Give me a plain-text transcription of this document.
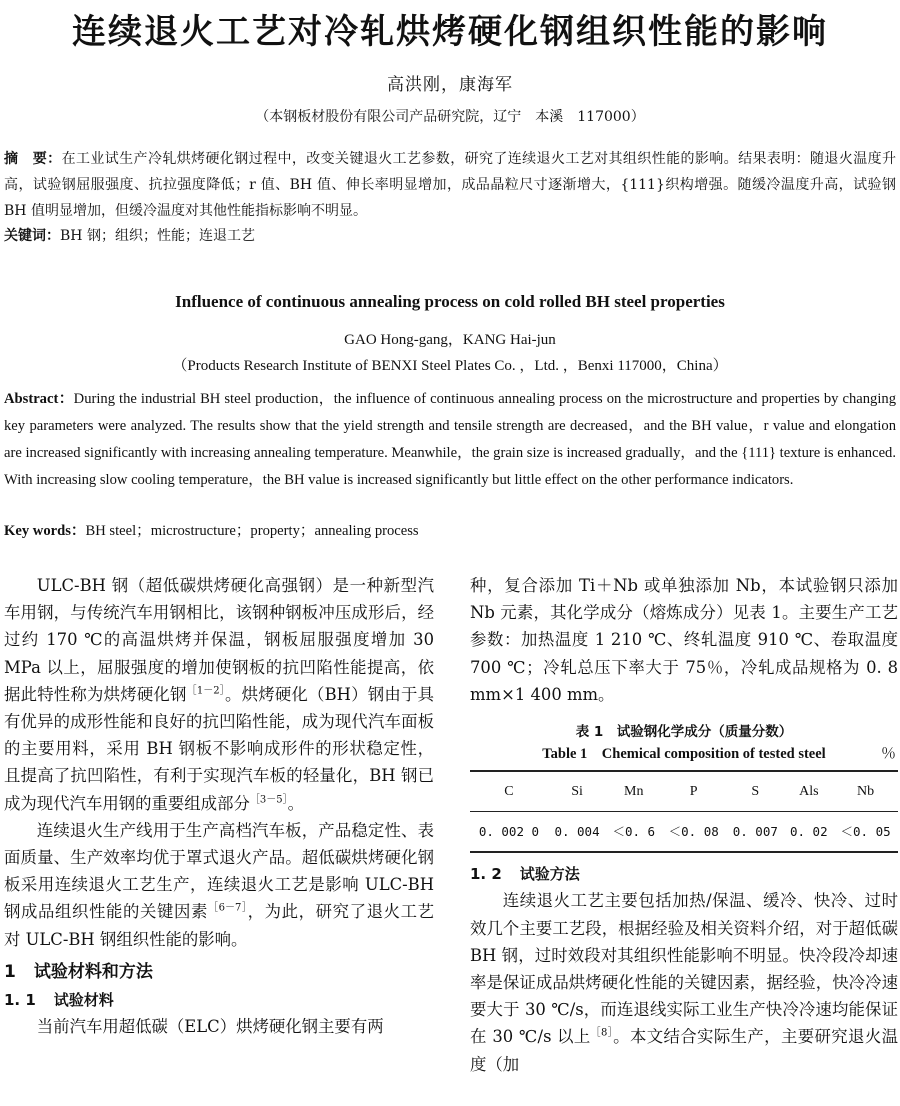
连续退火工艺对冷轧烘烤硬化钢组织性能的影响
高洪刚，康海军
（本钢板材股份有限公司产品研究院，辽宁　本溪　117000）
摘　要：在工业试生产冷轧烘烤硬化钢过程中，改变关键退火工艺参数，研究了连续退火工艺对其组织性能的影响。结果表明：随退火温度升高，试验钢屈服强度、抗拉强度降低；r 值、BH 值、伸长率明显增加，成品晶粒尺寸逐渐增大，{111}织构增强。随缓冷温度升高，试验钢 BH 值明显增加，但缓冷温度对其他性能指标影响不明显。
关键词：BH 钢；组织；性能；连退工艺
Influence of continuous annealing process on cold rolled BH steel properties
GAO Hong-gang，KANG Hai-jun
（Products Research Institute of BENXI Steel Plates Co. ，Ltd. ，Benxi 117000，China）
Abstract：During the industrial BH steel production，the influence of continuous annealing process on the microstructure and properties by changing key parameters were analyzed. The results show that the yield strength and tensile strength are decreased，and the BH value，r value and elongation are increased significantly with increasing annealing temperature. Meanwhile，the grain size is increased gradually，and the {111} texture is enhanced. With increasing slow cooling temperature，the BH value is increased significantly but little effect on the other performance indicators.
Key words：BH steel；microstructure；property；annealing process

ULC-BH 钢（超低碳烘烤硬化高强钢）是一种新型汽车用钢，与传统汽车用钢相比，该钢种钢板冲压成形后，经过约 170 ℃的高温烘烤并保温，钢板屈服强度增加 30 MPa 以上，屈服强度的增加使钢板的抗凹陷性能提高，依据此特性称为烘烤硬化钢$^{[1-2]}$。烘烤硬化（BH）钢由于具有优异的成形性能和良好的抗凹陷性能，成为现代汽车面板的主要用料，采用 BH 钢板不影响成形件的形状稳定性，且提高了抗凹陷性，有利于实现汽车板的轻量化，BH 钢已成为现代汽车用钢的重要组成部分$^{[3-5]}$。

连续退火生产线用于生产高档汽车板，产品稳定性、表面质量、生产效率均优于罩式退火产品。超低碳烘烤硬化钢板采用连续退火工艺生产，连续退火工艺是影响 ULC-BH 钢成品组织性能的关键因素$^{[6-7]}$，为此，研究了退火工艺对 ULC-BH 钢组织性能的影响。

1 试验材料和方法
1. 1 试验材料

当前汽车用超低碳（ELC）烘烤硬化钢主要有两

种，复合添加 Ti＋Nb 或单独添加 Nb，本试验钢只添加 Nb 元素，其化学成分（熔炼成分）见表 1。主要生产工艺参数：加热温度 1 210 ℃、终轧温度 910 ℃、卷取温度 700 ℃；冷轧总压下率大于 75％，冷轧成品规格为 0. 8 mm×1 400 mm。

表 1　试验钢化学成分（质量分数）
Table 1　Chemical composition of tested steel	％
C	Si	Mn	P	S	Als	Nb
0. 002 0	0. 004	＜0. 6	＜0. 08	0. 007	0. 02	＜0. 05
1. 2 试验方法

连续退火工艺主要包括加热/保温、缓冷、快冷、过时效几个主要工艺段，根据经验及相关资料介绍，对于超低碳 BH 钢，过时效段对其组织性能影响不明显。快冷段冷却速率是保证成品烘烤硬化性能的关键因素，据经验，快冷冷速要大于 30 ℃/s，而连退线实际工业生产快冷冷速均能保证在 30 ℃/s 以上$^{[8]}$。本文结合实际生产，主要研究退火温度（加
